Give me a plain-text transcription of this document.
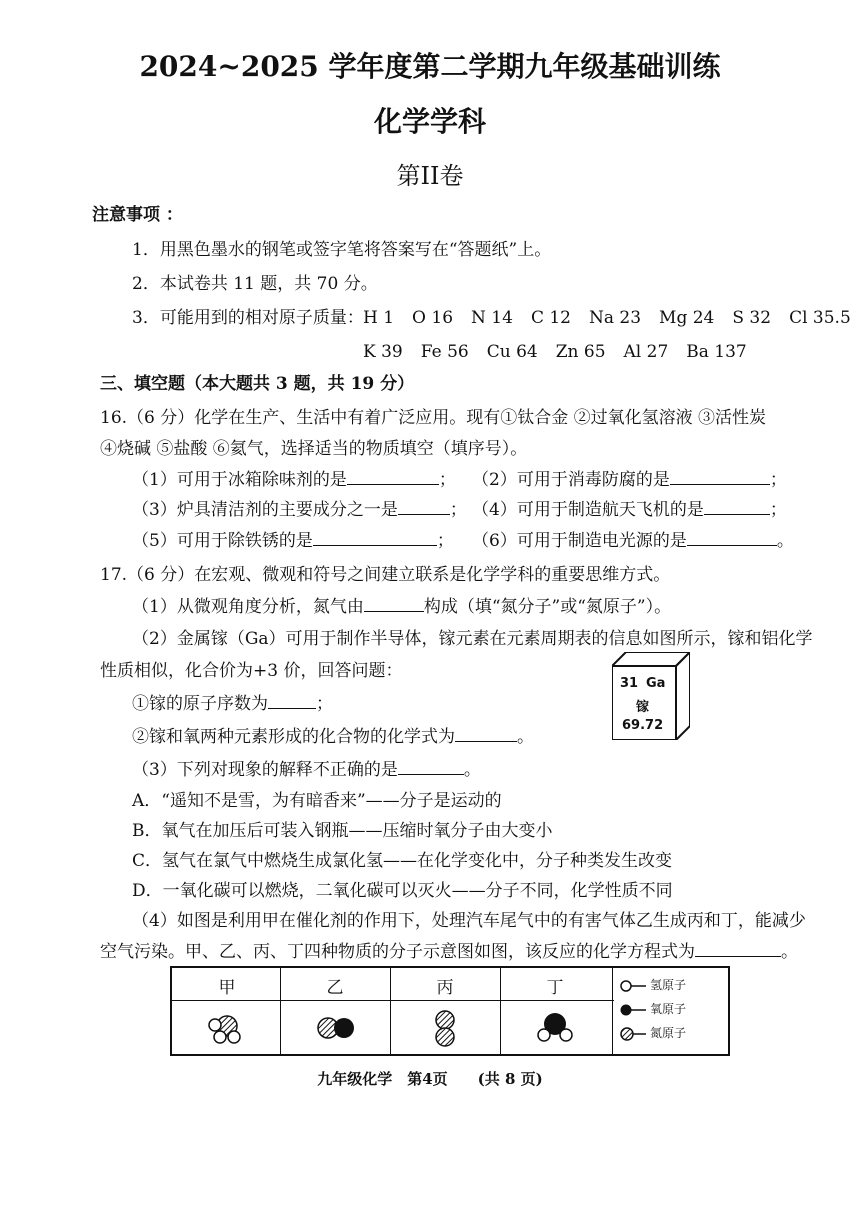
2024~2025 学年度第二学期九年级基础训练
化学学科
第II卷
注意事项 ：
1．用黑色墨水的钢笔或签字笔将答案写在“答题纸”上。
2．本试卷共 11 题，共 70 分。
3．可能用到的相对原子质量： H 1 O 16 N 14 C 12 Na 23 Mg 24 S 32 Cl 35.5
K 39 Fe 56 Cu 64 Zn 65 Al 27 Ba 137
三、填空题（本大题共 3 题，共 19 分）
16.（6 分）化学在生产、生活中有着广泛应用。现有①钛合金 ②过氧化氢溶液 ③活性炭
④烧碱 ⑤盐酸 ⑥氦气，选择适当的物质填空（填序号）。
（1）可用于冰箱除味剂的是	； （2）可用于消毒防腐的是	；
（3）炉具清洁剂的主要成分之一是	； （4）可用于制造航天飞机的是	；
（5）可用于除铁锈的是	； （6）可用于制造电光源的是	。
17.（6 分）在宏观、微观和符号之间建立联系是化学学科的重要思维方式。
（1）从微观角度分析，氮气由	构成（填“氮分子”或“氮原子”）。
（2）金属镓（Ga）可用于制作半导体，镓元素在元素周期表的信息如图所示，镓和铝化学
性质相似，化合价为+3 价，回答问题：
①镓的原子序数为	；
②镓和氧两种元素形成的化合物的化学式为	。
31 Ga
镓
69.72
（3）下列对现象的解释不正确的是	。
A．“遥知不是雪，为有暗香来”——分子是运动的
B．氧气在加压后可装入钢瓶——压缩时氧分子由大变小
C．氢气在氯气中燃烧生成氯化氢——在化学变化中，分子种类发生改变
D．一氧化碳可以燃烧，二氧化碳可以灭火——分子不同，化学性质不同
（4）如图是利用甲在催化剂的作用下，处理汽车尾气中的有害气体乙生成丙和丁，能减少
空气污染。甲、乙、丙、丁四种物质的分子示意图如图，该反应的化学方程式为	。
甲	乙	丙	丁	氢原子
氧原子
氮原子
九年级化学　第4页　　(共 8 页)
